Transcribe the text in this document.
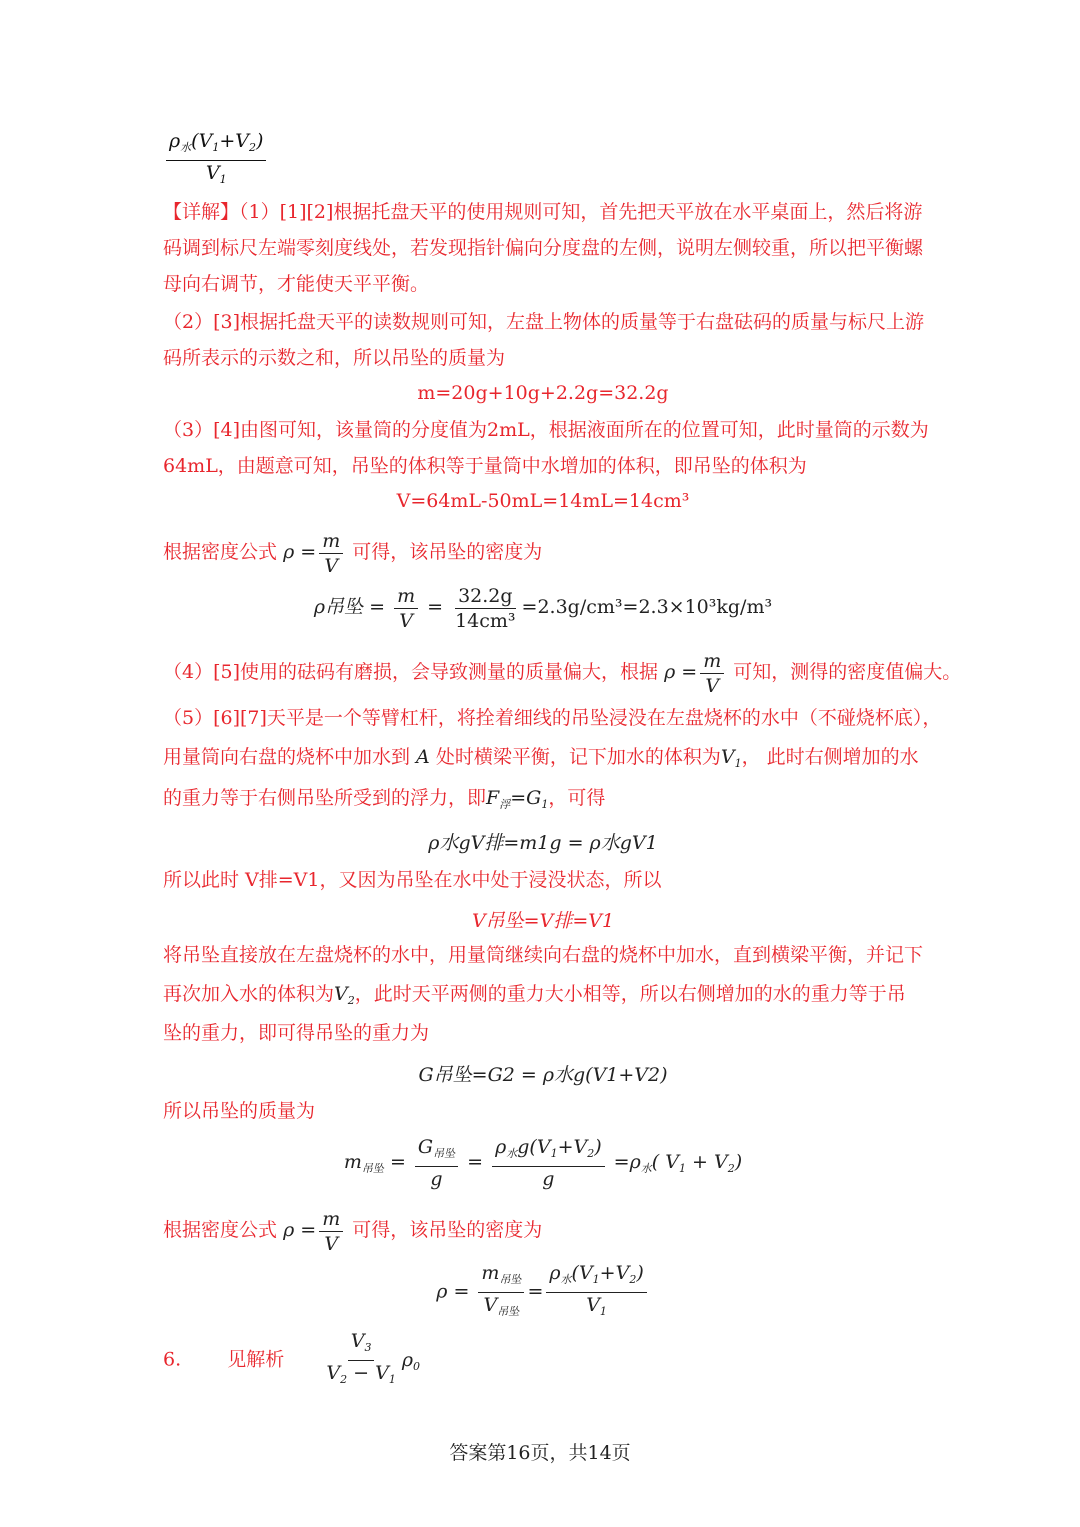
$\frac{\rho_水(V_1+V_2)}{V_1}$
【详解】（1）[1][2]根据托盘天平的使用规则可知，首先把天平放在水平桌面上，然后将游
码调到标尺左端零刻度线处，若发现指针偏向分度盘的左侧，说明左侧较重，所以把平衡螺
母向右调节，才能使天平平衡。
（2）[3]根据托盘天平的读数规则可知，左盘上物体的质量等于右盘砝码的质量与标尺上游
码所表示的示数之和，所以吊坠的质量为
m=20g+10g+2.2g=32.2g
（3）[4]由图可知，该量筒的分度值为2mL，根据液面所在的位置可知，此时量筒的示数为
64mL，由题意可知，吊坠的体积等于量筒中水增加的体积，即吊坠的体积为
V=64mL-50mL=14mL=14cm³
根据密度公式 $\rho = \frac{m}{V}$ 可得，该吊坠的密度为
ρ吊坠 = $\frac{m}{V} = \frac{32.2g}{\text{14cm³}} =2.3g/cm^3=2.3\times 10^3kg/m^3$
（4）[5]使用的砝码有磨损，会导致测量的质量偏大，根据 $\rho = \frac{m}{V}$ 可知，测得的密度值偏大。
（5）[6][7]天平是一个等臂杠杆，将拴着细线的吊坠浸没在左盘烧杯的水中（不碰烧杯底），
用量筒向右盘的烧杯中加水到 A 处时横梁平衡，记下加水的体积为$V_1$， 此时右侧增加的水
的重力等于右侧吊坠所受到的浮力，即$F_浮=G_1$，可得
ρ水gV排=m1g = ρ水gV1
所以此时 V排=V1，又因为吊坠在水中处于浸没状态，所以
V吊坠=V排=V1
将吊坠直接放在左盘烧杯的水中，用量筒继续向右盘的烧杯中加水，直到横梁平衡，并记下
再次加入水的体积为$V_2$，此时天平两侧的重力大小相等，所以右侧增加的水的重力等于吊
坠的重力，即可得吊坠的重力为
G吊坠=G2 = ρ水g(V1+V2)
所以吊坠的质量为
$m_{吊坠} = \frac{G_{吊坠}}{g} = \frac{\rho_水g(V_1+V_2)}{g} =\rho_水$( $V_1 + V_2$)
根据密度公式 $\rho = \frac{m}{V}$ 可得，该吊坠的密度为
$\rho = \frac{m_{吊坠}}{V_{吊坠}} = \frac{\rho_水(V_1+V_2)}{V_1}$
6. 见解析 $\frac{V_3}{V_2 - V_1} \rho_0$
答案第16页，共14页
